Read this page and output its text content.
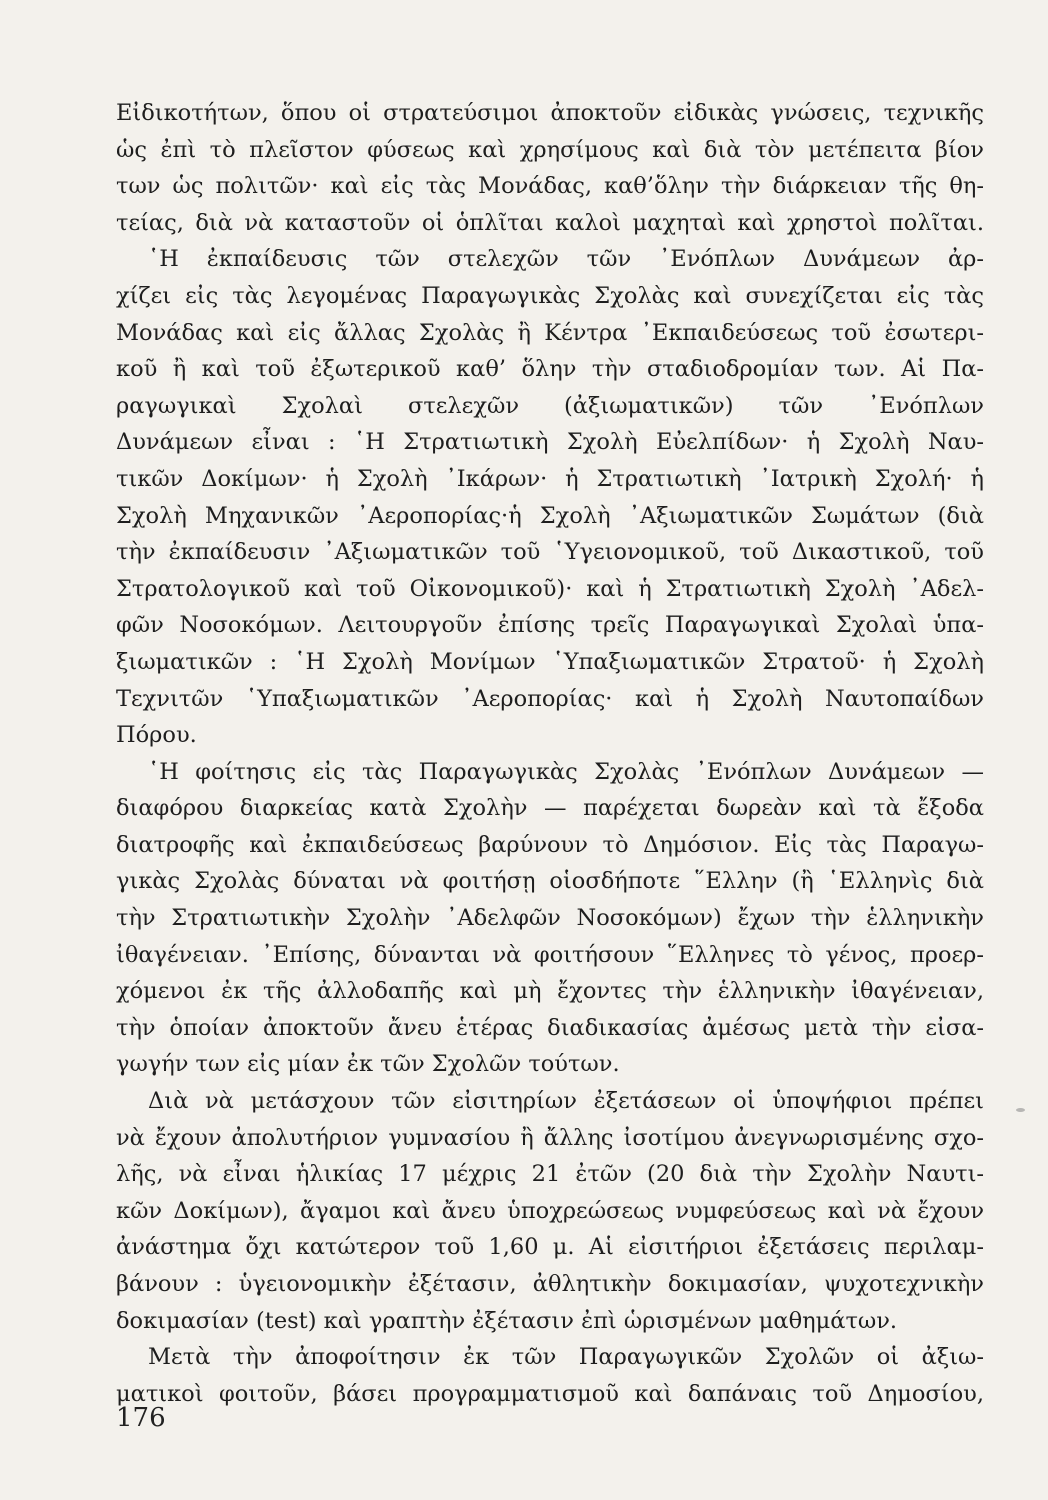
Εἰδικοτήτων, ὅπου οἱ στρατεύσιμοι ἀποκτοῦν εἰδικὰς γνώσεις, τεχνικῆς
ὡς ἐπὶ τὸ πλεῖστον φύσεως καὶ χρησίμους καὶ διὰ τὸν μετέπειτα βίον
των ὡς πολιτῶν· καὶ εἰς τὰς Μονάδας, καθ’ὅλην τὴν διάρκειαν τῆς θη-
τείας, διὰ νὰ καταστοῦν οἱ ὁπλῖται καλοὶ μαχηταὶ καὶ χρηστοὶ πολῖται.

῾Η ἐκπαίδευσις τῶν στελεχῶν τῶν ᾿Ενόπλων Δυνάμεων ἀρ-
χίζει εἰς τὰς λεγομένας Παραγωγικὰς Σχολὰς καὶ συνεχίζεται εἰς τὰς
Μονάδας καὶ εἰς ἄλλας Σχολὰς ἢ Κέντρα ᾿Εκπαιδεύσεως τοῦ ἐσωτερι-
κοῦ ἢ καὶ τοῦ ἐξωτερικοῦ καθ’ ὅλην τὴν σταδιοδρομίαν των. Αἱ Πα-
ραγωγικαὶ Σχολαὶ στελεχῶν (ἀξιωματικῶν) τῶν ᾿Ενόπλων
Δυνάμεων εἶναι : ῾Η Στρατιωτικὴ Σχολὴ Εὐελπίδων· ἡ Σχολὴ Ναυ-
τικῶν Δοκίμων· ἡ Σχολὴ ᾿Ικάρων· ἡ Στρατιωτικὴ ᾿Ιατρικὴ Σχολή· ἡ
Σχολὴ Μηχανικῶν ᾿Αεροπορίας·ἡ Σχολὴ ᾿Αξιωματικῶν Σωμάτων (διὰ
τὴν ἐκπαίδευσιν ᾿Αξιωματικῶν τοῦ ῾Υγειονομικοῦ, τοῦ Δικαστικοῦ, τοῦ
Στρατολογικοῦ καὶ τοῦ Οἰκονομικοῦ)· καὶ ἡ Στρατιωτικὴ Σχολὴ ᾿Αδελ-
φῶν Νοσοκόμων. Λειτουργοῦν ἐπίσης τρεῖς Παραγωγικαὶ Σχολαὶ ὑπα-
ξιωματικῶν : ῾Η Σχολὴ Μονίμων ῾Υπαξιωματικῶν Στρατοῦ· ἡ Σχολὴ
Τεχνιτῶν ῾Υπαξιωματικῶν ᾿Αεροπορίας· καὶ ἡ Σχολὴ Ναυτοπαίδων
Πόρου.

῾Η φοίτησις εἰς τὰς Παραγωγικὰς Σχολὰς ᾿Ενόπλων Δυνάμεων —
διαφόρου διαρκείας κατὰ Σχολὴν — παρέχεται δωρεὰν καὶ τὰ ἔξοδα
διατροφῆς καὶ ἐκπαιδεύσεως βαρύνουν τὸ Δημόσιον. Εἰς τὰς Παραγω-
γικὰς Σχολὰς δύναται νὰ φοιτήσῃ οἱοσδήποτε ῞Ελλην (ἢ ῾Ελληνὶς διὰ
τὴν Στρατιωτικὴν Σχολὴν ᾿Αδελφῶν Νοσοκόμων) ἔχων τὴν ἑλληνικὴν
ἰθαγένειαν. ᾿Επίσης, δύνανται νὰ φοιτήσουν ῞Ελληνες τὸ γένος, προερ-
χόμενοι ἐκ τῆς ἀλλοδαπῆς καὶ μὴ ἔχοντες τὴν ἑλληνικὴν ἰθαγένειαν,
τὴν ὁποίαν ἀποκτοῦν ἄνευ ἑτέρας διαδικασίας ἀμέσως μετὰ τὴν εἰσα-
γωγήν των εἰς μίαν ἐκ τῶν Σχολῶν τούτων.

Διὰ νὰ μετάσχουν τῶν εἰσιτηρίων ἐξετάσεων οἱ ὑποψήφιοι πρέπει
νὰ ἔχουν ἀπολυτήριον γυμνασίου ἢ ἄλλης ἰσοτίμου ἀνεγνωρισμένης σχο-
λῆς, νὰ εἶναι ἡλικίας 17 μέχρις 21 ἐτῶν (20 διὰ τὴν Σχολὴν Ναυτι-
κῶν Δοκίμων), ἄγαμοι καὶ ἄνευ ὑποχρεώσεως νυμφεύσεως καὶ νὰ ἔχουν
ἀνάστημα ὄχι κατώτερον τοῦ 1,60 μ. Αἱ εἰσιτήριοι ἐξετάσεις περιλαμ-
βάνουν : ὑγειονομικὴν ἐξέτασιν, ἀθλητικὴν δοκιμασίαν, ψυχοτεχνικὴν
δοκιμασίαν (test) καὶ γραπτὴν ἐξέτασιν ἐπὶ ὡρισμένων μαθημάτων.

Μετὰ τὴν ἀποφοίτησιν ἐκ τῶν Παραγωγικῶν Σχολῶν οἱ ἀξιω-
ματικοὶ φοιτοῦν, βάσει προγραμματισμοῦ καὶ δαπάναις τοῦ Δημοσίου,

176
